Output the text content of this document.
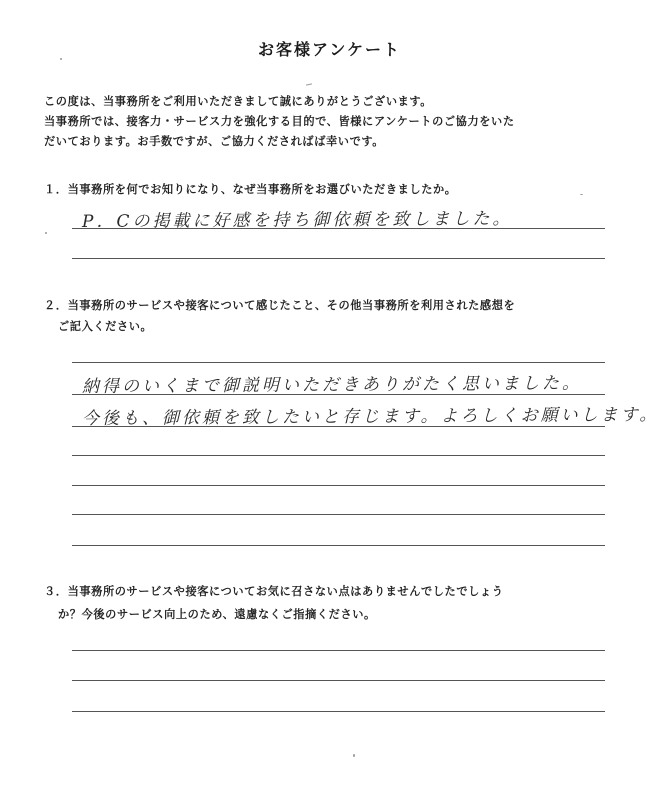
お客様アンケート
この度は、当事務所をご利用いただきまして誠にありがとうございます。
当事務所では、接客力・サービス力を強化する目的で、皆様にアンケートのご協力をいた
だいております。お手数ですが、ご協力くださればば幸いです。
１．当事務所を何でお知りになり、なぜ当事務所をお選びいただきましたか。
P．Cの掲載に好感を持ち御依頼を致しました。
２．当事務所のサービスや接客について感じたこと、その他当事務所を利用された感想を
ご記入ください。
納得のいくまで御説明いただきありがたく思いました。
今後も、御依頼を致したいと存じます。よろしくお願いします。
３．当事務所のサービスや接客についてお気に召さない点はありませんでしたでしょう
か？今後のサービス向上のため、遠慮なくご指摘ください。
